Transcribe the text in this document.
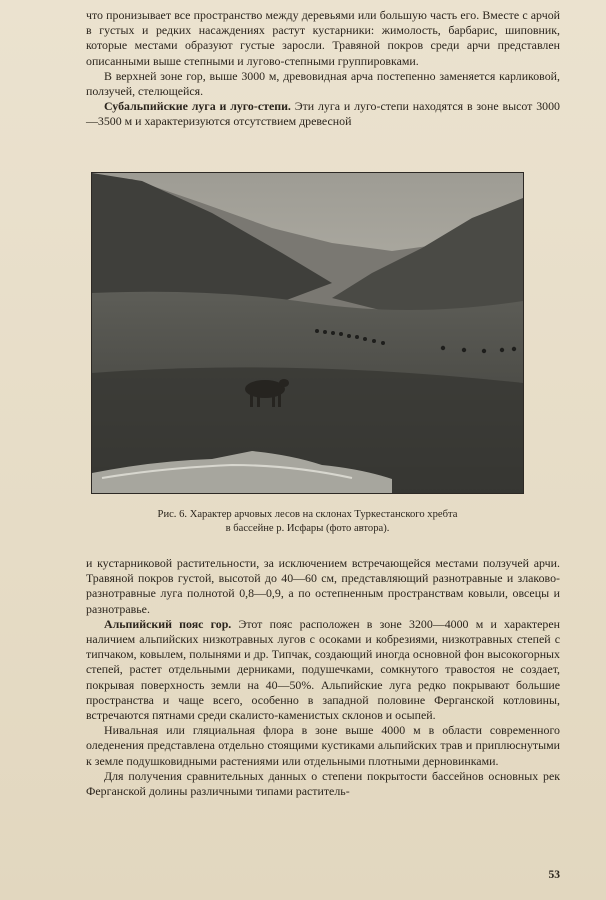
что пронизывает все пространство между деревьями или большую часть его. Вместе с арчой в густых и редких насаждениях растут кустарники: жимолость, барбарис, шиповник, которые местами образуют густые заросли. Травяной покров среди арчи представлен описанными выше степными и лугово-степными группировками.

В верхней зоне гор, выше 3000 м, древовидная арча постепенно заменяется карликовой, ползучей, стелющейся.

Субальпийские луга и луго-степи. Эти луга и луго-степи находятся в зоне высот 3000—3500 м и характеризуются отсутствием древесной

Рис. 6. Характер арчовых лесов на склонах Туркестанского хребта
в бассейне р. Исфары (фото автора).

и кустарниковой растительности, за исключением встречающейся местами ползучей арчи. Травяной покров густой, высотой до 40—60 см, представляющий разнотравные и злаково-разнотравные луга полнотой 0,8—0,9, а по остепненным пространствам ковыли, овсецы и разнотравье.

Альпийский пояс гор. Этот пояс расположен в зоне 3200—4000 м и характерен наличием альпийских низкотравных лугов с осоками и кобрезиями, низкотравных степей с типчаком, ковылем, полынями и др. Типчак, создающий иногда основной фон высокогорных степей, растет отдельными дерниками, подушечками, сомкнутого травостоя не создает, покрывая поверхность земли на 40—50%. Альпийские луга редко покрывают большие пространства и чаще всего, особенно в западной половине Ферганской котловины, встречаются пятнами среди скалисто-каменистых склонов и осыпей.

Нивальная или гляциальная флора в зоне выше 4000 м в области современного оледенения представлена отдельно стоящими кустиками альпийских трав и приплюснутыми к земле подушковидными растениями или отдельными плотными дерновинками.

Для получения сравнительных данных о степени покрытости бассейнов основных рек Ферганской долины различными типами раститель-

53
